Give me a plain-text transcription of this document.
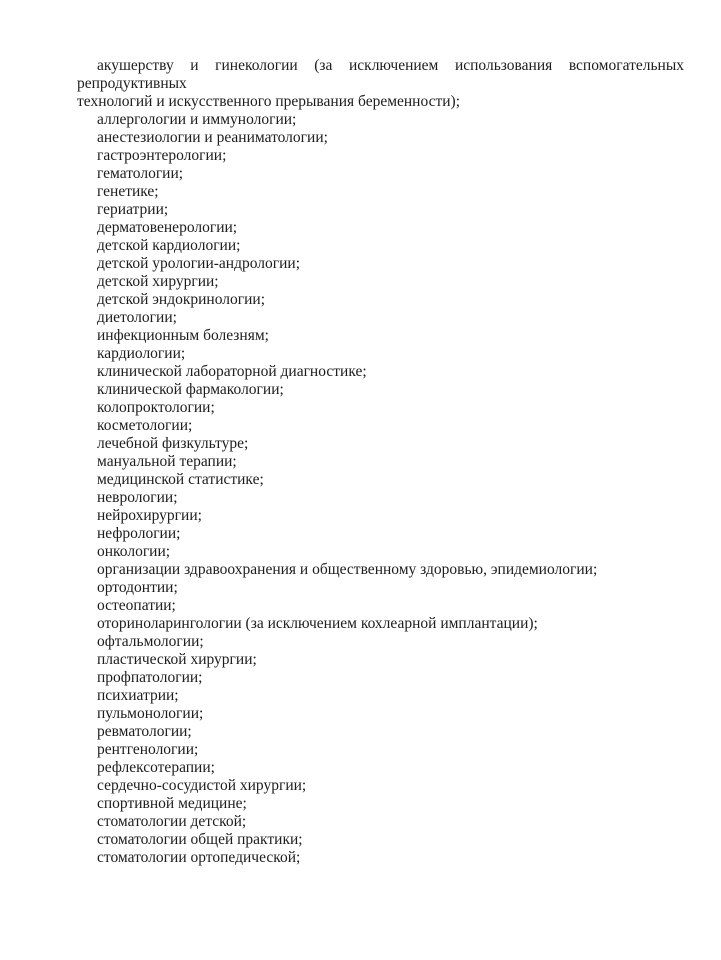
акушерству и гинекологии (за исключением использования вспомогательных репродуктивных
технологий и искусственного прерывания беременности);
аллергологии и иммунологии;
анестезиологии и реаниматологии;
гастроэнтерологии;
гематологии;
генетике;
гериатрии;
дерматовенерологии;
детской кардиологии;
детской урологии-андрологии;
детской хирургии;
детской эндокринологии;
диетологии;
инфекционным болезням;
кардиологии;
клинической лабораторной диагностике;
клинической фармакологии;
колопроктологии;
косметологии;
лечебной физкультуре;
мануальной терапии;
медицинской статистике;
неврологии;
нейрохирургии;
нефрологии;
онкологии;
организации здравоохранения и общественному здоровью, эпидемиологии;
ортодонтии;
остеопатии;
оториноларингологии (за исключением кохлеарной имплантации);
офтальмологии;
пластической хирургии;
профпатологии;
психиатрии;
пульмонологии;
ревматологии;
рентгенологии;
рефлексотерапии;
сердечно-сосудистой хирургии;
спортивной медицине;
стоматологии детской;
стоматологии общей практики;
стоматологии ортопедической;
